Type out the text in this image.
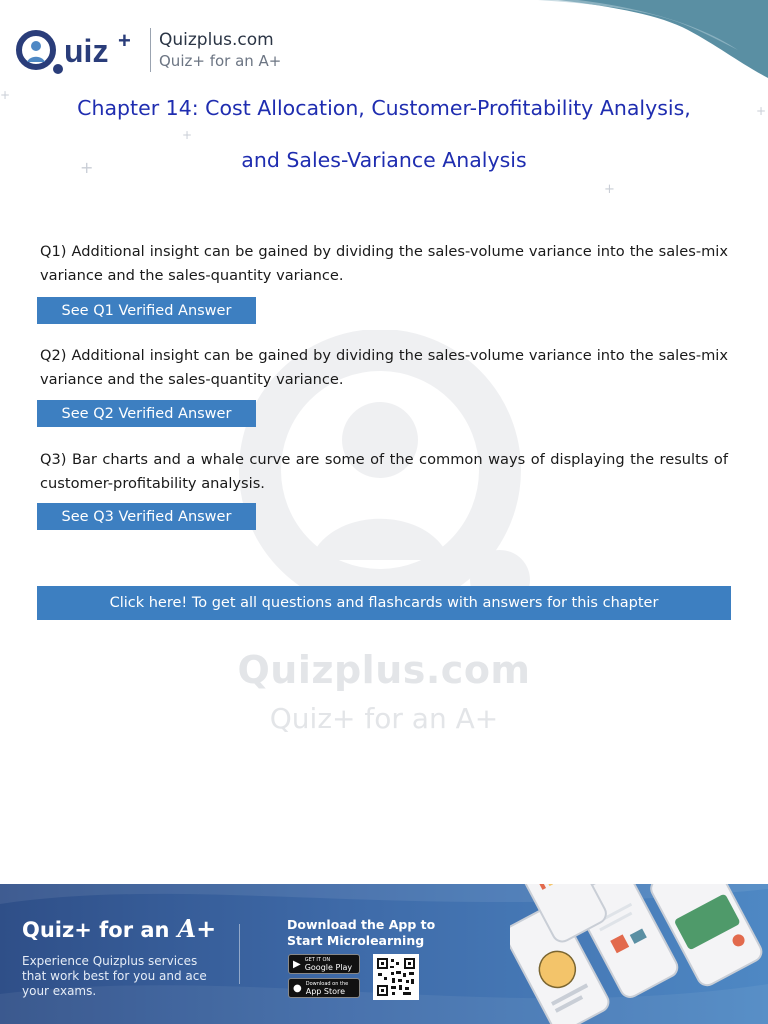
uiz + Quizplus.com
Quiz+ for an A+
+
+
+
+
+
Quizplus.com
Quiz+ for an A+
Chapter 14: Cost Allocation, Customer-Profitability Analysis,
and Sales-Variance Analysis
Q1) Additional insight can be gained by dividing the sales-volume variance into the sales-mix variance and the sales-quantity variance.
See Q1 Verified Answer
Q2) Additional insight can be gained by dividing the sales-volume variance into the sales-mix variance and the sales-quantity variance.
See Q2 Verified Answer
Q3) Bar charts and a whale curve are some of the common ways of displaying the results of customer-profitability analysis.
See Q3 Verified Answer
Click here! To get all questions and flashcards with answers for this chapter
Quiz+ for an A+
Experience Quizplus services that work best for you and ace your exams.
Download the App to
Start Microlearning
▶ GET IT ON
Google Play
● Download on the
App Store
